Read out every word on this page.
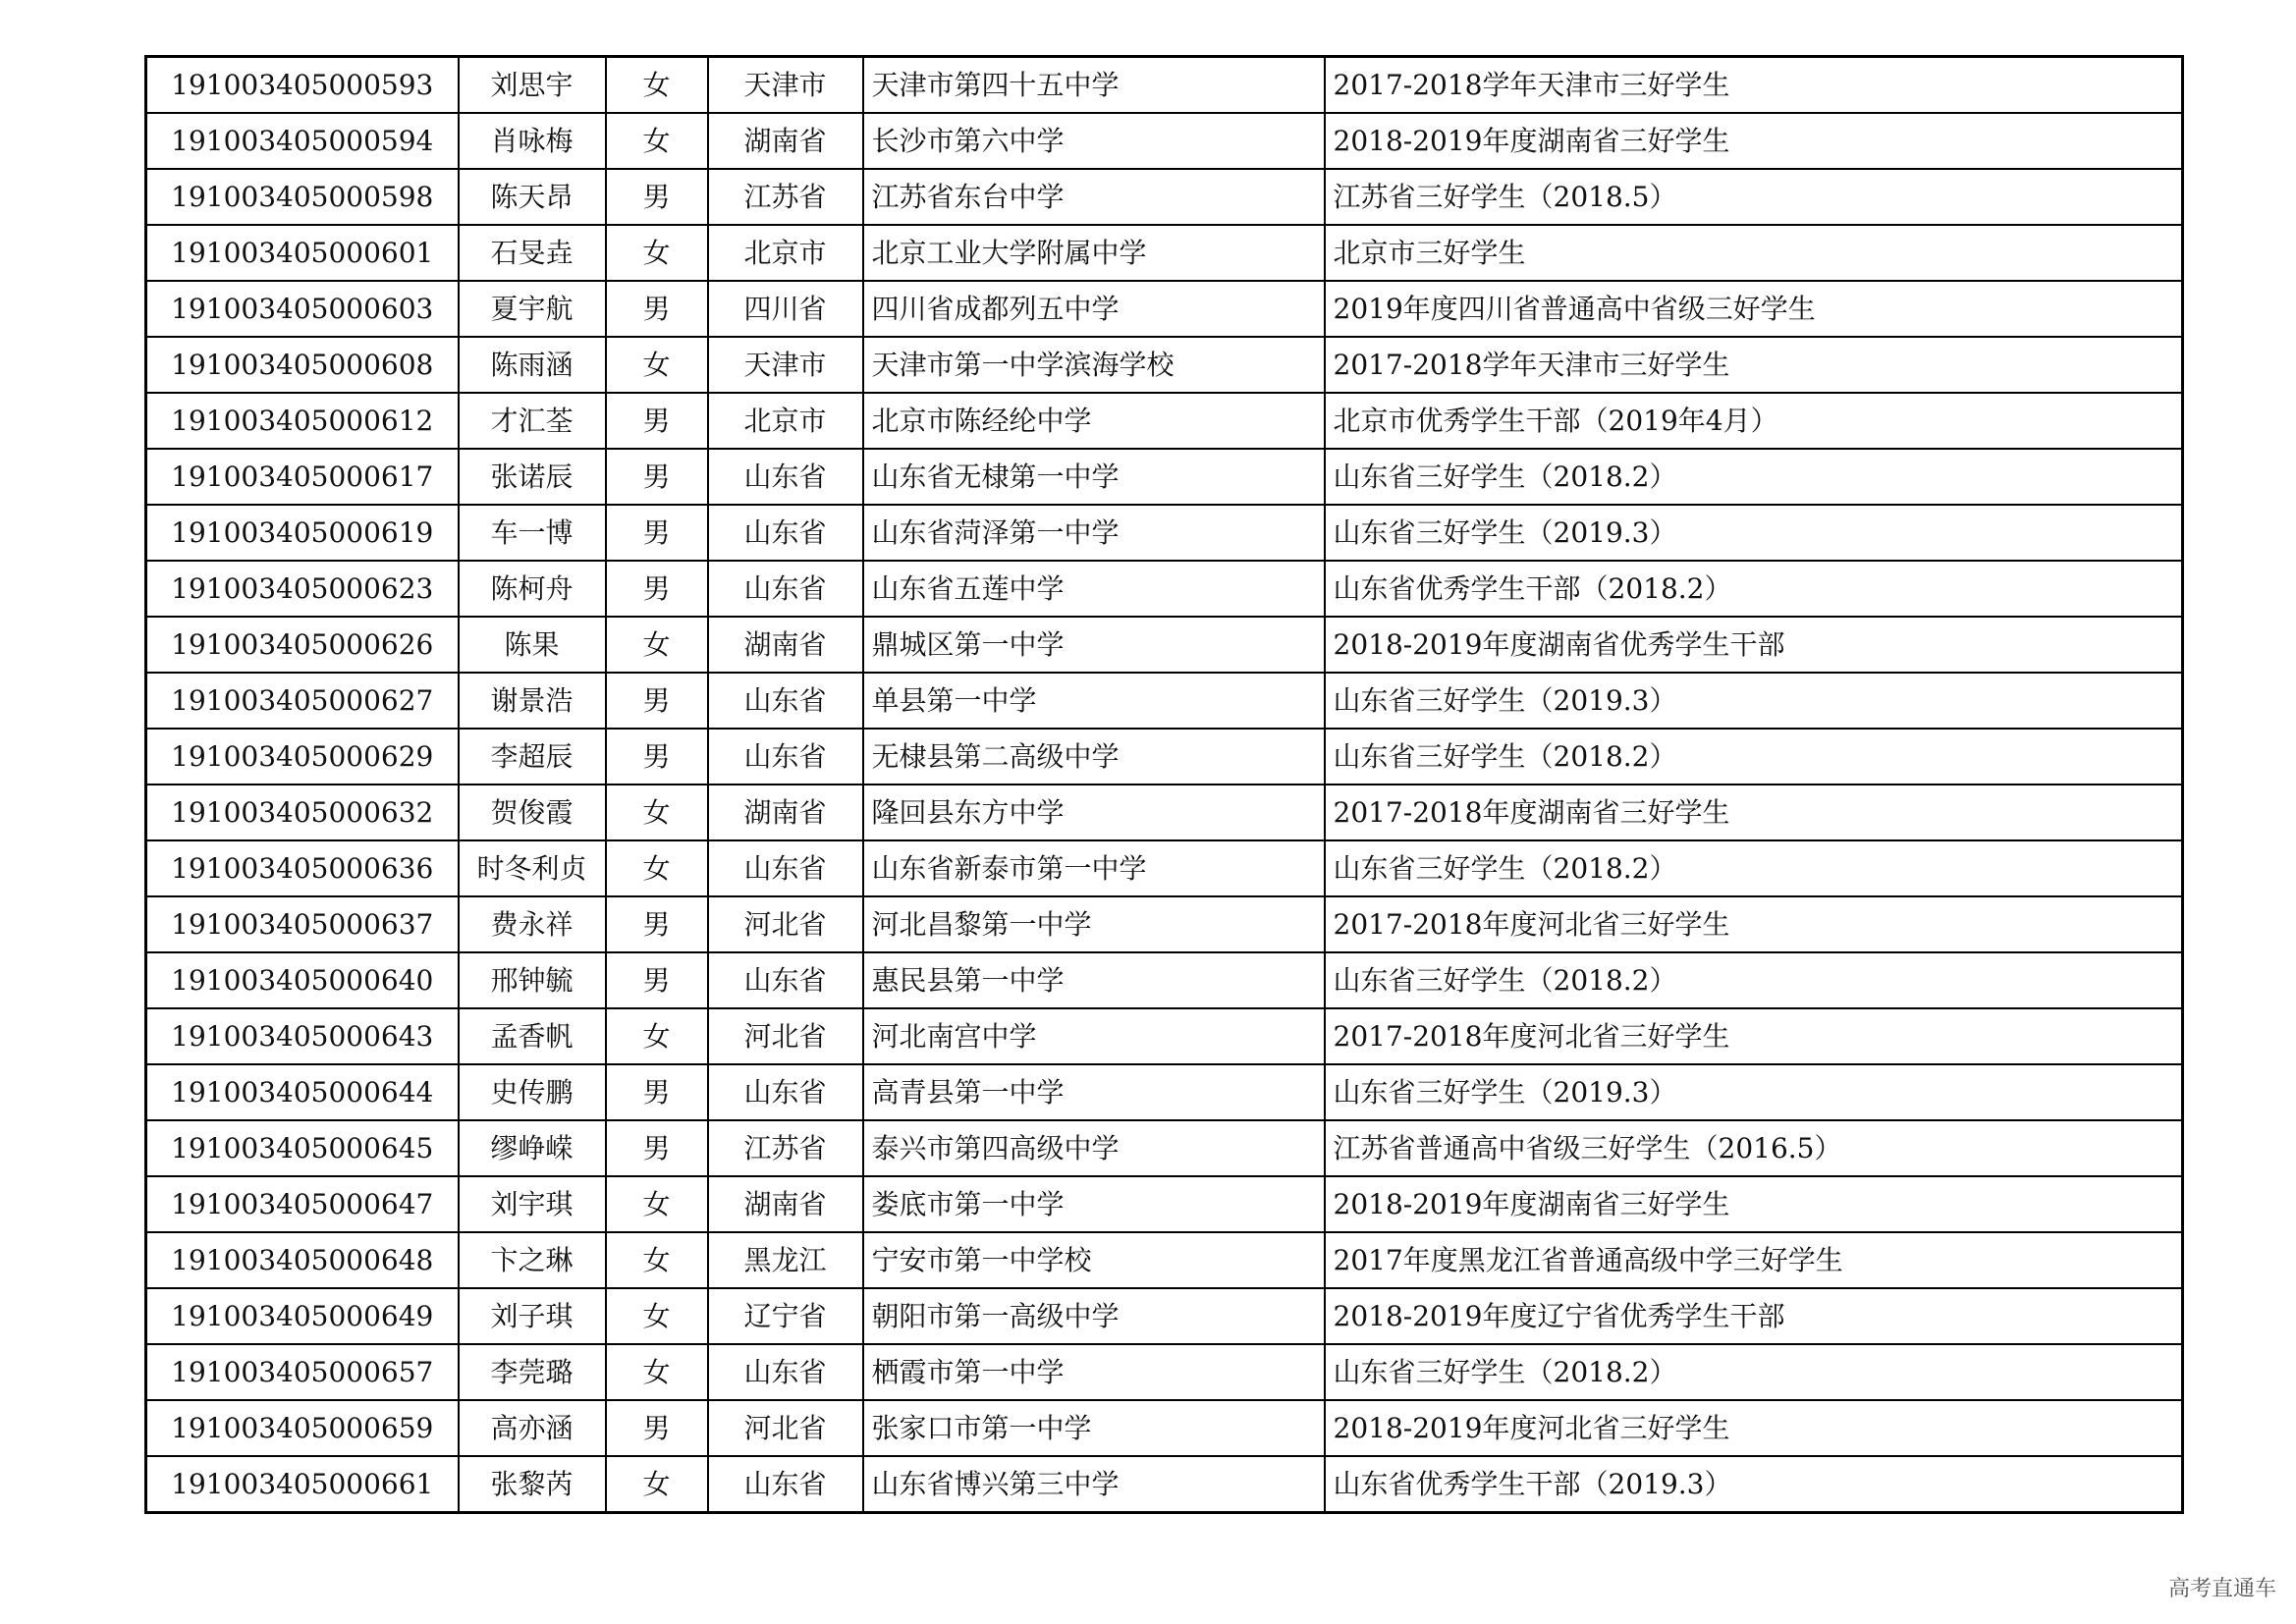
191003405000593	刘思宇	女	天津市	天津市第四十五中学	2017-2018学年天津市三好学生
191003405000594	肖咏梅	女	湖南省	长沙市第六中学	2018-2019年度湖南省三好学生
191003405000598	陈天昂	男	江苏省	江苏省东台中学	江苏省三好学生（2018.5）
191003405000601	石旻垚	女	北京市	北京工业大学附属中学	北京市三好学生
191003405000603	夏宇航	男	四川省	四川省成都列五中学	2019年度四川省普通高中省级三好学生
191003405000608	陈雨涵	女	天津市	天津市第一中学滨海学校	2017-2018学年天津市三好学生
191003405000612	才汇荃	男	北京市	北京市陈经纶中学	北京市优秀学生干部（2019年4月）
191003405000617	张诺辰	男	山东省	山东省无棣第一中学	山东省三好学生（2018.2）
191003405000619	车一博	男	山东省	山东省菏泽第一中学	山东省三好学生（2019.3）
191003405000623	陈柯舟	男	山东省	山东省五莲中学	山东省优秀学生干部（2018.2）
191003405000626	陈果	女	湖南省	鼎城区第一中学	2018-2019年度湖南省优秀学生干部
191003405000627	谢景浩	男	山东省	单县第一中学	山东省三好学生（2019.3）
191003405000629	李超辰	男	山东省	无棣县第二高级中学	山东省三好学生（2018.2）
191003405000632	贺俊霞	女	湖南省	隆回县东方中学	2017-2018年度湖南省三好学生
191003405000636	时冬利贞	女	山东省	山东省新泰市第一中学	山东省三好学生（2018.2）
191003405000637	费永祥	男	河北省	河北昌黎第一中学	2017-2018年度河北省三好学生
191003405000640	邢钟毓	男	山东省	惠民县第一中学	山东省三好学生（2018.2）
191003405000643	孟香帆	女	河北省	河北南宫中学	2017-2018年度河北省三好学生
191003405000644	史传鹏	男	山东省	高青县第一中学	山东省三好学生（2019.3）
191003405000645	缪峥嵘	男	江苏省	泰兴市第四高级中学	江苏省普通高中省级三好学生（2016.5）
191003405000647	刘宇琪	女	湖南省	娄底市第一中学	2018-2019年度湖南省三好学生
191003405000648	卞之琳	女	黑龙江	宁安市第一中学校	2017年度黑龙江省普通高级中学三好学生
191003405000649	刘子琪	女	辽宁省	朝阳市第一高级中学	2018-2019年度辽宁省优秀学生干部
191003405000657	李莞璐	女	山东省	栖霞市第一中学	山东省三好学生（2018.2）
191003405000659	高亦涵	男	河北省	张家口市第一中学	2018-2019年度河北省三好学生
191003405000661	张黎芮	女	山东省	山东省博兴第三中学	山东省优秀学生干部（2019.3）
高考直通车
